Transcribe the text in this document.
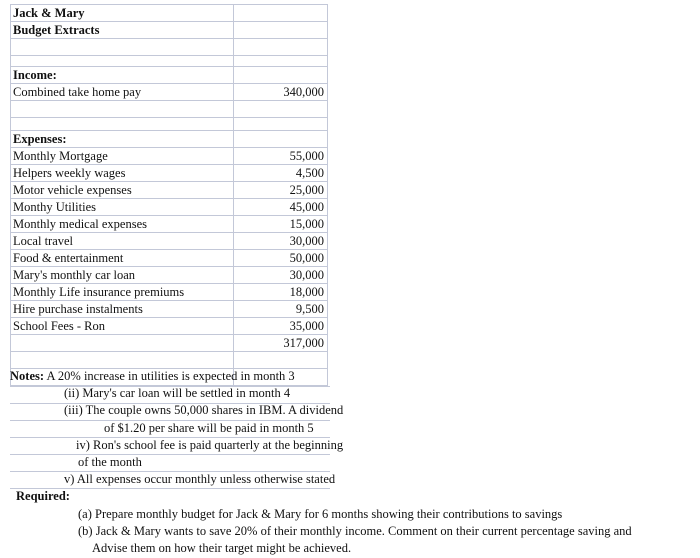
Jack & Mary	
Budget Extracts	

Income:	
Combined take home pay	340,000

Expenses:	
Monthly Mortgage	55,000
Helpers weekly wages	4,500
Motor vehicle expenses	25,000
Monthy Utilities	45,000
Monthly medical expenses	15,000
Local travel	30,000
Food & entertainment	50,000
Mary's monthly car loan	30,000
Monthly Life insurance premiums	18,000
Hire purchase instalments	9,500
School Fees - Ron	35,000
	317,000

Notes: A 20% increase in utilities is expected in month 3
(ii) Mary's car loan will be settled in month 4
(iii) The couple owns 50,000 shares in IBM. A dividend
of $1.20 per share will be paid in month 5
iv) Ron's school fee is paid quarterly at the beginning
of the month
v) All expenses occur monthly unless otherwise stated
Required:
(a) Prepare monthly budget for Jack & Mary for 6 months showing their contributions to savings
(b) Jack & Mary wants to save 20% of their monthly income. Comment on their current percentage saving and
Advise them on how their target might be achieved.
